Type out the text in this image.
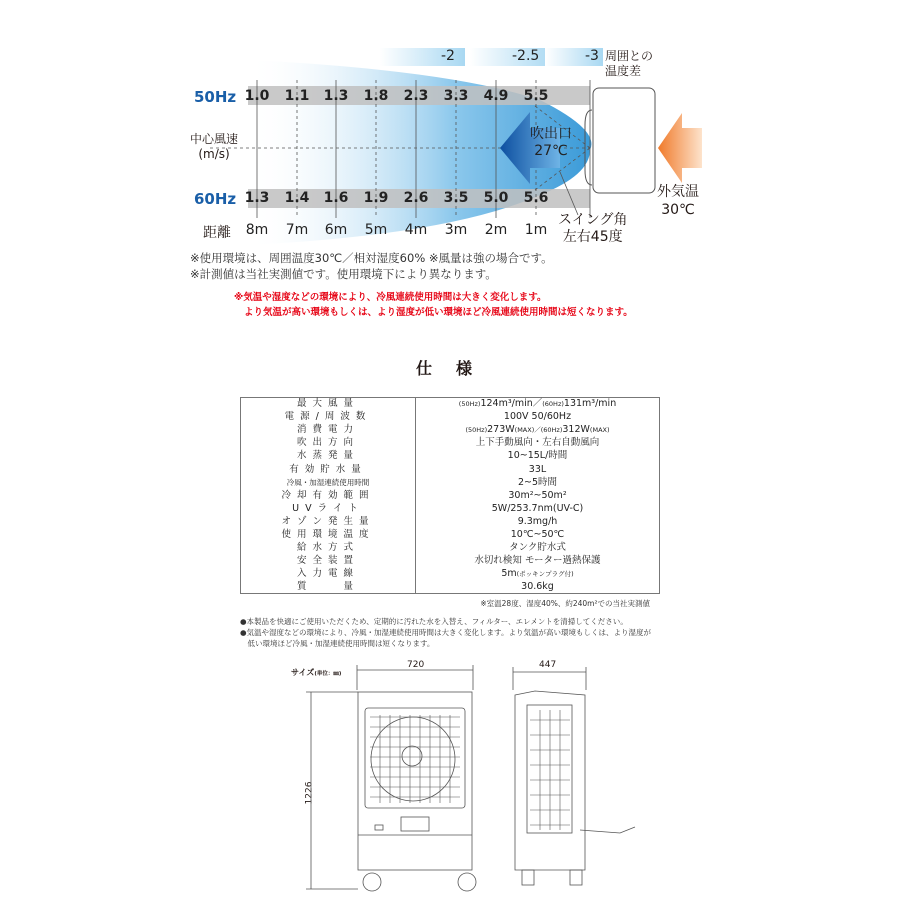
-2	-2.5	-3 周囲との
温度差
50Hz
60Hz
1.0	1.1	1.3	1.8	2.3	3.3	4.9	5.5
1.3	1.4	1.6	1.9	2.6	3.5	5.0	5.6
8m	7m	6m	5m	4m	3m	2m	1m
中心風速
(m/s)
距離
吹出口
27℃
外気温
30℃
スイング角
左右45度
※使用環境は、周囲温度30℃／相対湿度60% ※風量は強の場合です。
※計測値は当社実測値です。使用環境下により異なります。
※気温や湿度などの環境により、冷風連続使用時間は大きく変化します。
より気温が高い環境もしくは、より湿度が低い環境ほど冷風連続使用時間は短くなります。
仕　様
最大風量	(50Hz)124m³/min／(60Hz)131m³/min
電源/周波数	100V 50/60Hz
消費電力	(50Hz)273W(MAX)／(60Hz)312W(MAX)
吹出方向	上下手動風向・左右自動風向
水蒸発量	10~15L/時間
有効貯水量	33L
冷風・加湿連続使用時間	2~5時間
冷却有効範囲	30m²~50m²
UVライト	5W/253.7nm(UV-C)
オゾン発生量	9.3mg/h
使用環境温度	10℃~50℃
給水方式	タンク貯水式
安全装置	水切れ検知 モーター過熱保護
入力電線	5m(ポッキンプラグ付)
質　　量	30.6kg
※室温28度、湿度40%、約240m²での当社実測値
●本製品を快適にご使用いただくため、定期的に汚れた水を入替え、フィルター、エレメントを清掃してください。
●気温や湿度などの環境により、冷風・加湿連続使用時間は大きく変化します。より気温が高い環境もしくは、より湿度が
　低い環境ほど冷風・加湿連続使用時間は短くなります。
サイズ(単位：㎜)
720	447
1226
